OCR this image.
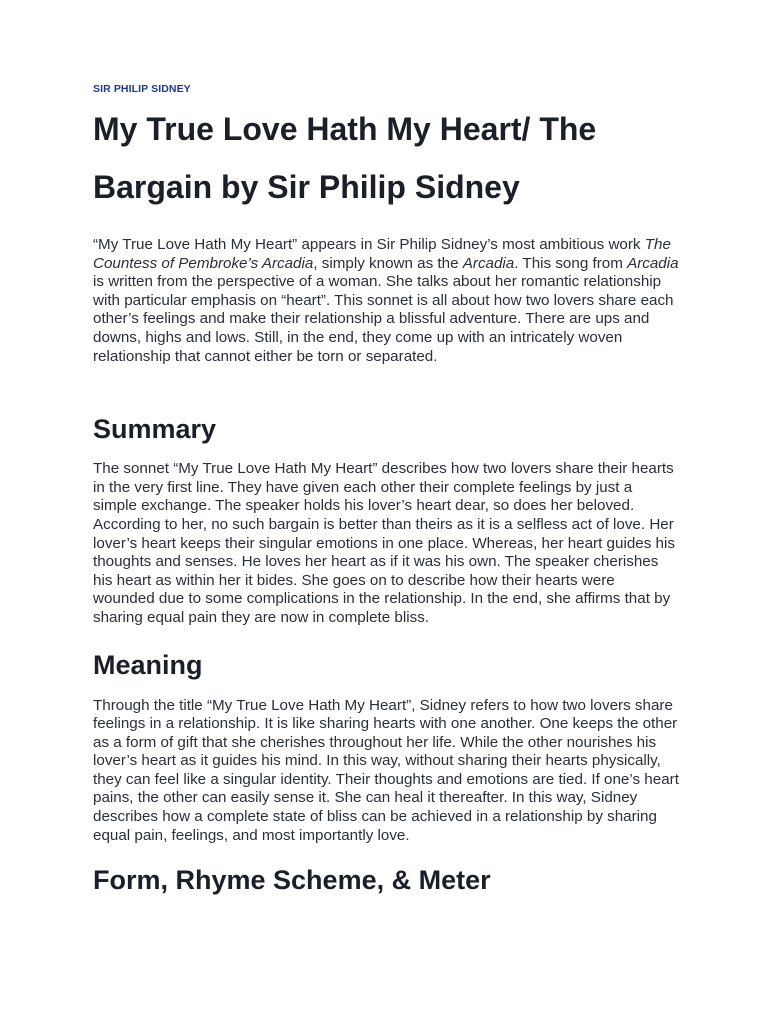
SIR PHILIP SIDNEY
My True Love Hath My Heart/ The Bargain by Sir Philip Sidney

“My True Love Hath My Heart” appears in Sir Philip Sidney’s most ambitious work The Countess of Pembroke’s Arcadia, simply known as the Arcadia. This song from Arcadia is written from the perspective of a woman. She talks about her romantic relationship with particular emphasis on “heart”. This sonnet is all about how two lovers share each other’s feelings and make their relationship a blissful adventure. There are ups and downs, highs and lows. Still, in the end, they come up with an intricately woven relationship that cannot either be torn or separated.

Summary

The sonnet “My True Love Hath My Heart” describes how two lovers share their hearts in the very first line. They have given each other their complete feelings by just a simple exchange. The speaker holds his lover’s heart dear, so does her beloved. According to her, no such bargain is better than theirs as it is a selfless act of love. Her lover’s heart keeps their singular emotions in one place. Whereas, her heart guides his thoughts and senses. He loves her heart as if it was his own. The speaker cherishes his heart as within her it bides. She goes on to describe how their hearts were wounded due to some complications in the relationship. In the end, she affirms that by sharing equal pain they are now in complete bliss.

Meaning

Through the title “My True Love Hath My Heart”, Sidney refers to how two lovers share feelings in a relationship. It is like sharing hearts with one another. One keeps the other as a form of gift that she cherishes throughout her life. While the other nourishes his lover’s heart as it guides his mind. In this way, without sharing their hearts physically, they can feel like a singular identity. Their thoughts and emotions are tied. If one’s heart pains, the other can easily sense it. She can heal it thereafter. In this way, Sidney describes how a complete state of bliss can be achieved in a relationship by sharing equal pain, feelings, and most importantly love.

Form, Rhyme Scheme, & Meter
